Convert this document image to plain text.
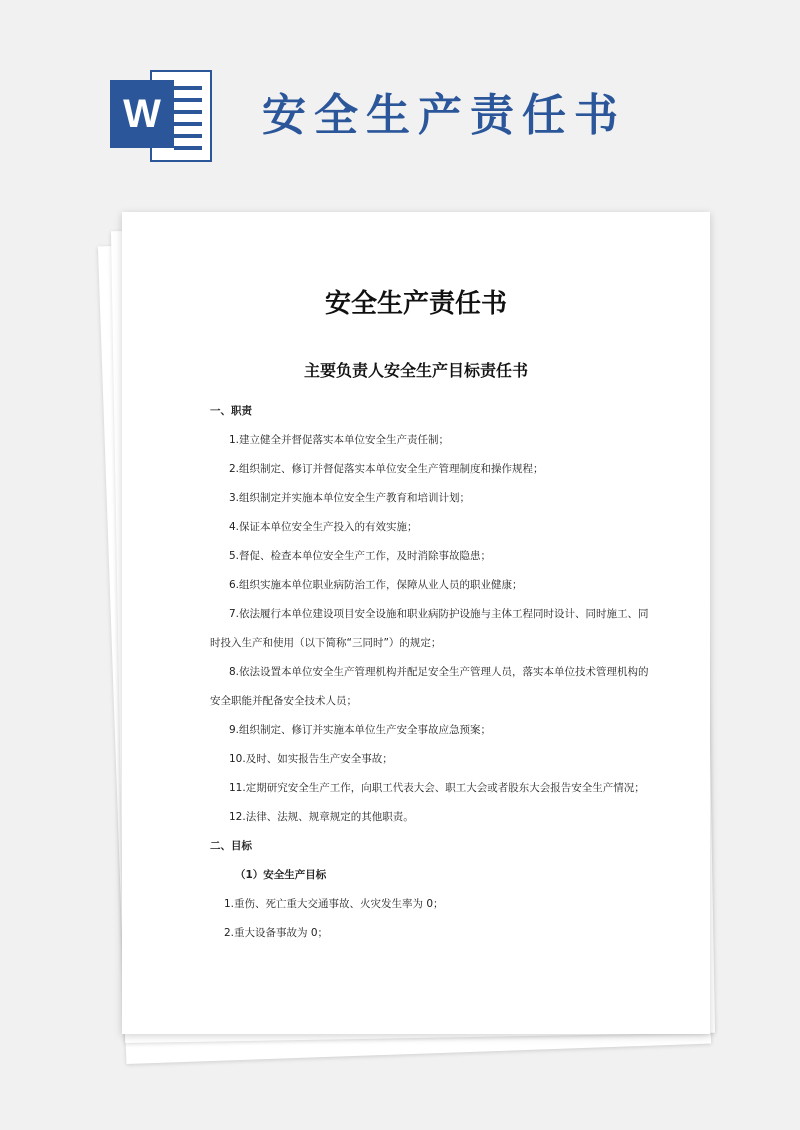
W 安全生产责任书
安全生产责任书
主要负责人安全生产目标责任书

一、职责

1.建立健全并督促落实本单位安全生产责任制；

2.组织制定、修订并督促落实本单位安全生产管理制度和操作规程；

3.组织制定并实施本单位安全生产教育和培训计划；

4.保证本单位安全生产投入的有效实施；

5.督促、检查本单位安全生产工作，及时消除事故隐患；

6.组织实施本单位职业病防治工作，保障从业人员的职业健康；

7.依法履行本单位建设项目安全设施和职业病防护设施与主体工程同时设计、同时施工、同时投入生产和使用（以下简称“三同时”）的规定；

8.依法设置本单位安全生产管理机构并配足安全生产管理人员，落实本单位技术管理机构的安全职能并配备安全技术人员；

9.组织制定、修订并实施本单位生产安全事故应急预案；

10.及时、如实报告生产安全事故；

11.定期研究安全生产工作，向职工代表大会、职工大会或者股东大会报告安全生产情况；

12.法律、法规、规章规定的其他职责。

二、目标

（1）安全生产目标

1.重伤、死亡重大交通事故、火灾发生率为 0；

2.重大设备事故为 0；
